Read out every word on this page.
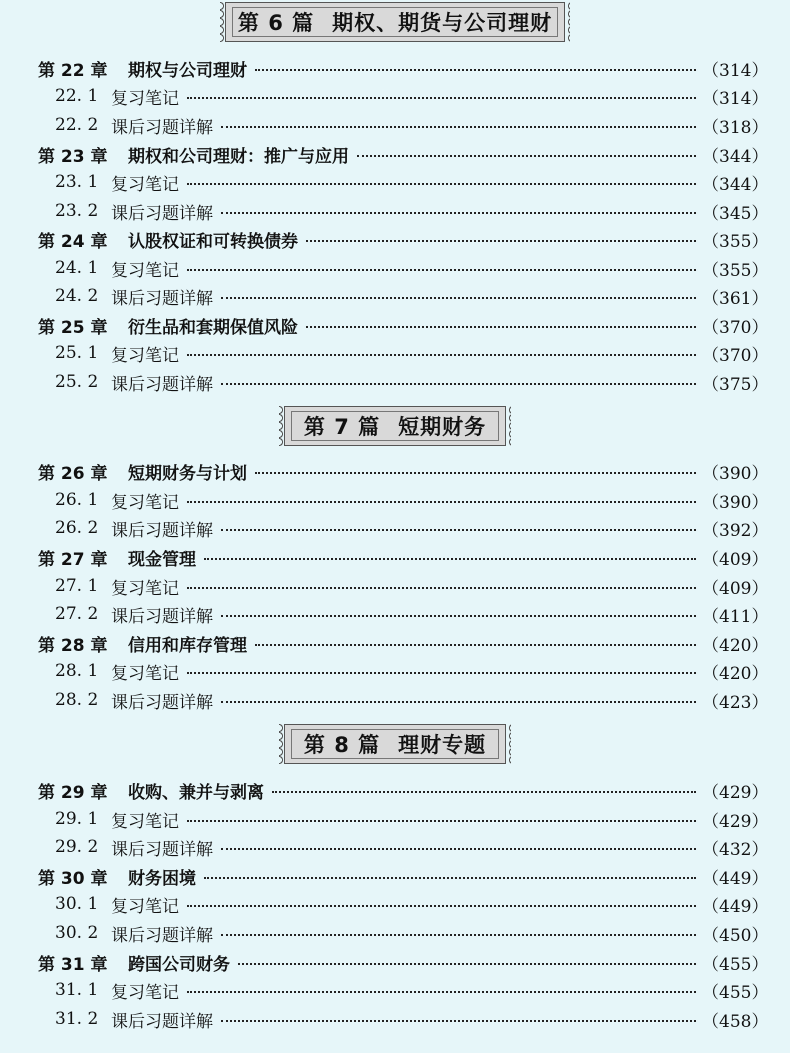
第 6 篇 期权、期货与公司理财
第 22 章	期权与公司理财	（314）
22. 1 复习笔记	（314）
22. 2 课后习题详解	（318）
第 23 章	期权和公司理财：推广与应用	（344）
23. 1 复习笔记	（344）
23. 2 课后习题详解	（345）
第 24 章	认股权证和可转换债券	（355）
24. 1 复习笔记	（355）
24. 2 课后习题详解	（361）
第 25 章	衍生品和套期保值风险	（370）
25. 1 复习笔记	（370）
25. 2 课后习题详解	（375）
第 7 篇 短期财务
第 26 章	短期财务与计划	（390）
26. 1 复习笔记	（390）
26. 2 课后习题详解	（392）
第 27 章	现金管理	（409）
27. 1 复习笔记	（409）
27. 2 课后习题详解	（411）
第 28 章	信用和库存管理	（420）
28. 1 复习笔记	（420）
28. 2 课后习题详解	（423）
第 8 篇 理财专题
第 29 章	收购、兼并与剥离	（429）
29. 1 复习笔记	（429）
29. 2 课后习题详解	（432）
第 30 章	财务困境	（449）
30. 1 复习笔记	（449）
30. 2 课后习题详解	（450）
第 31 章	跨国公司财务	（455）
31. 1 复习笔记	（455）
31. 2 课后习题详解	（458）
